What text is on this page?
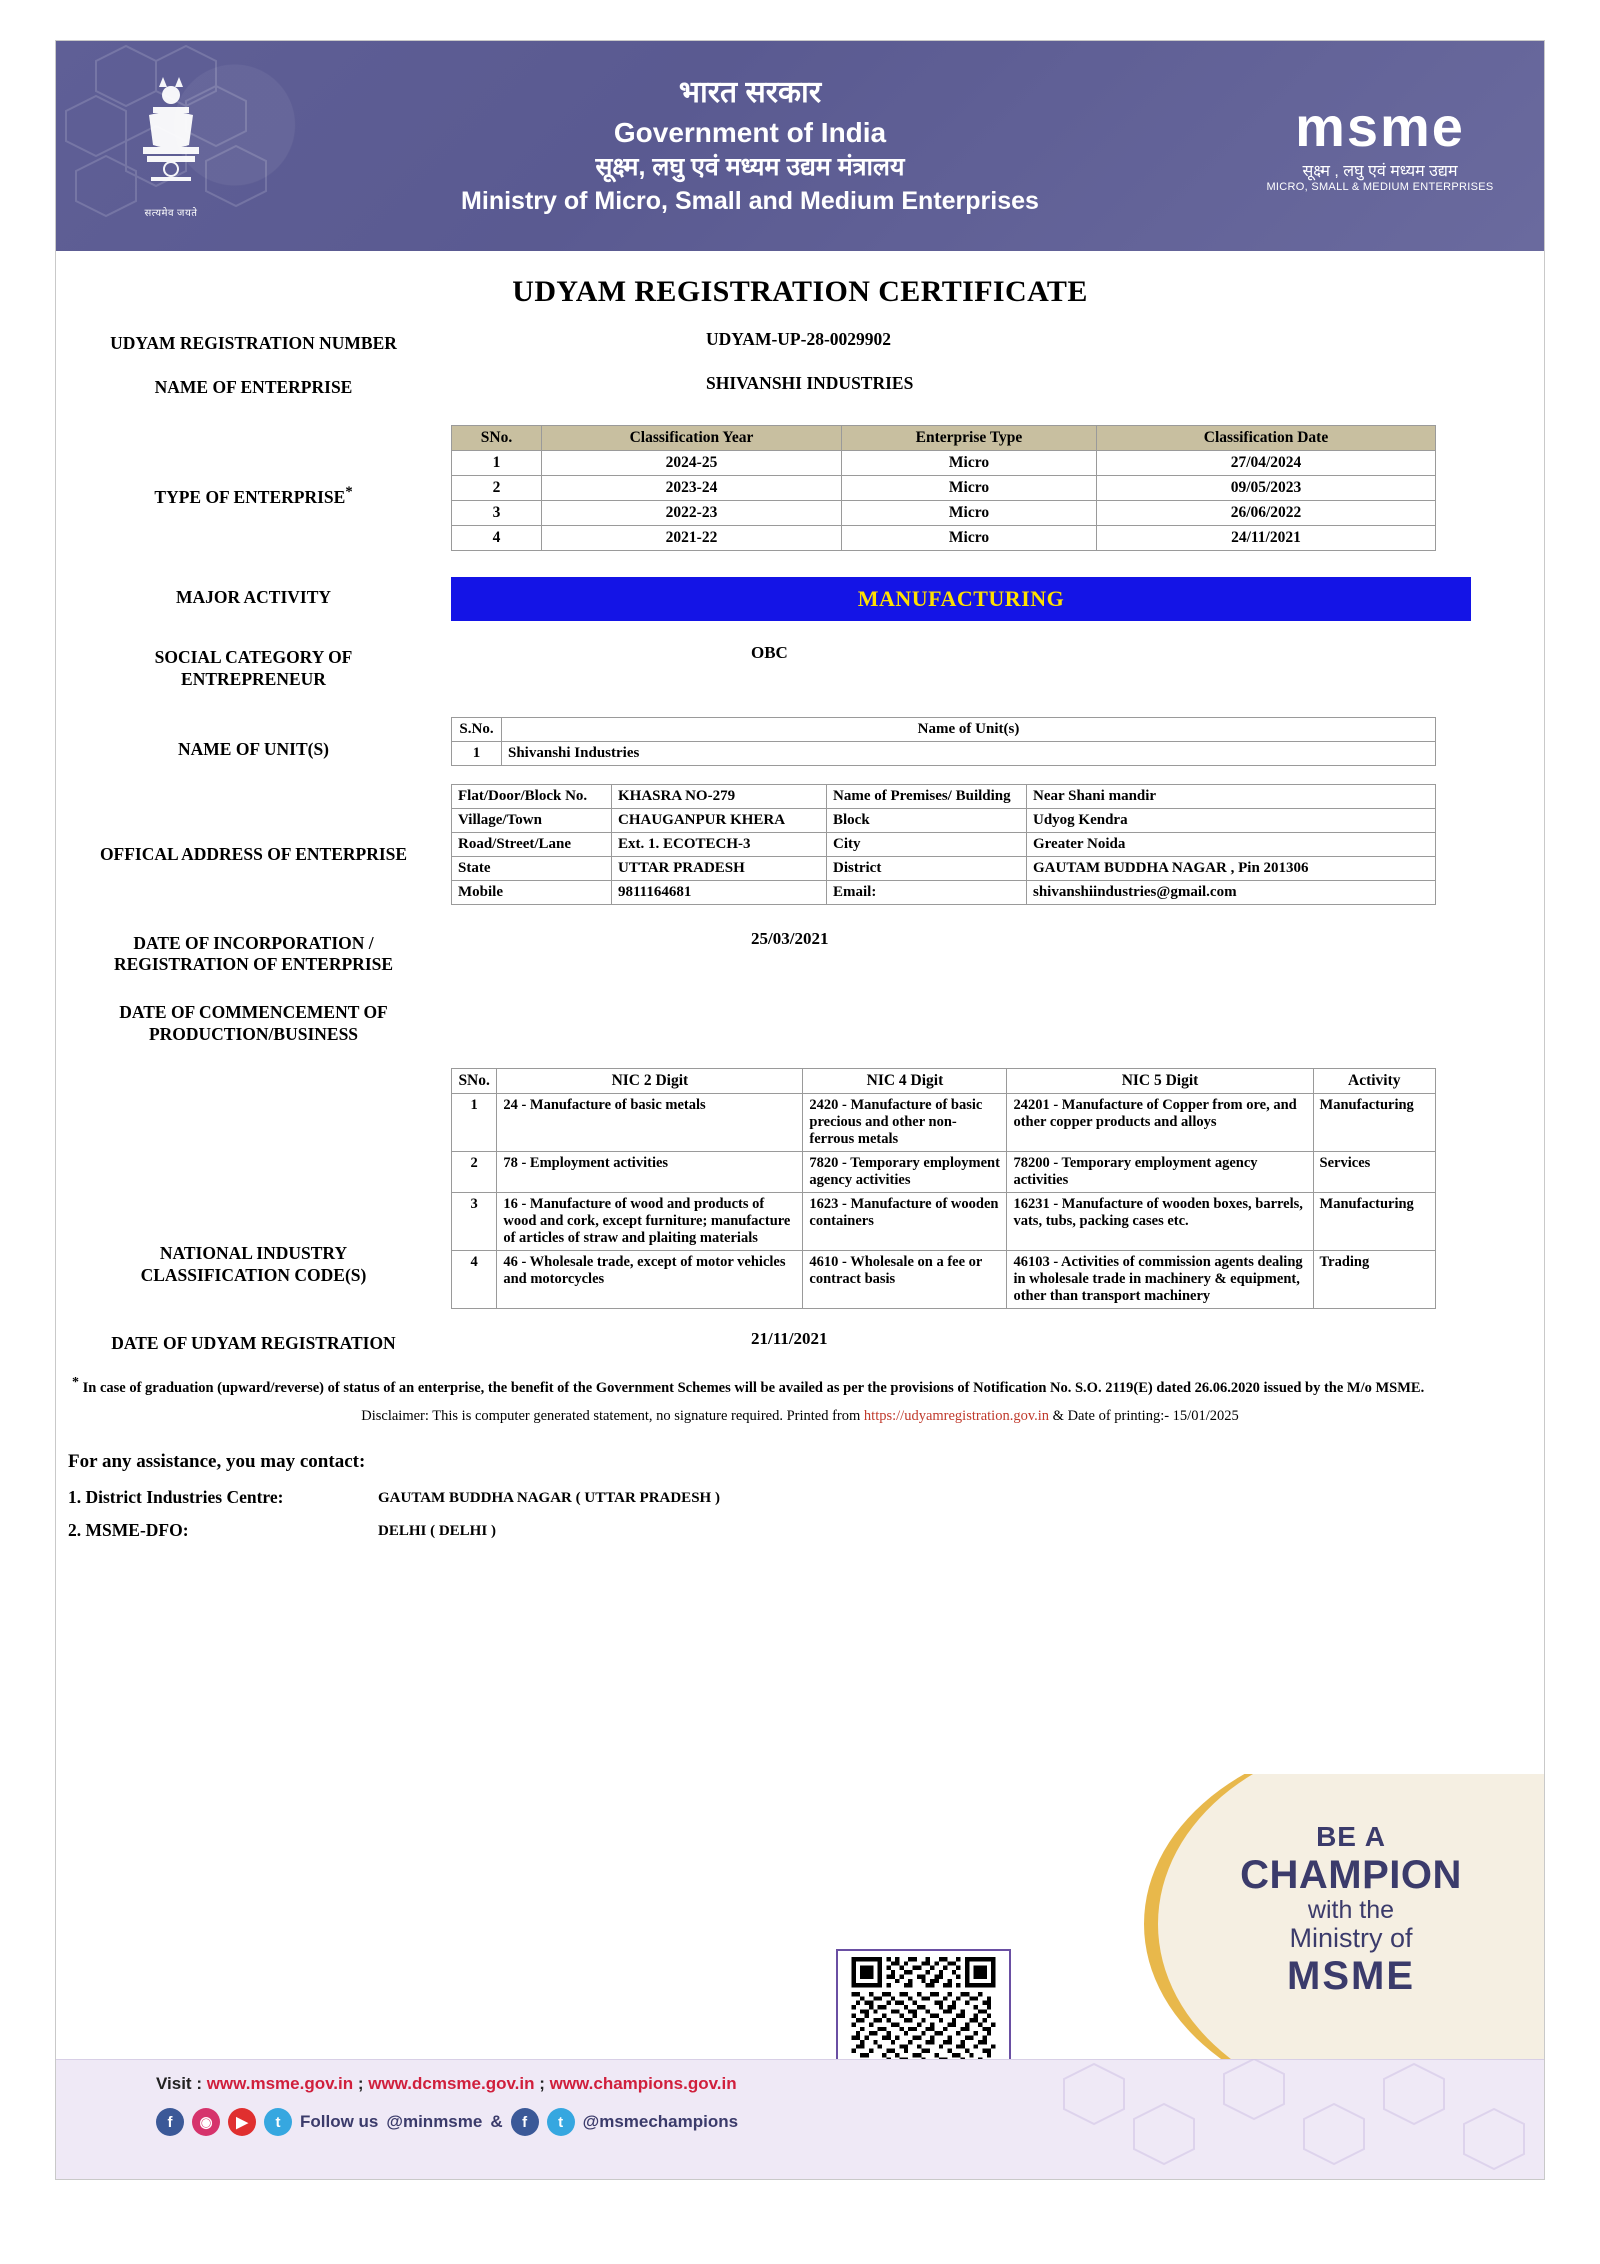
सत्यमेव जयते
भारत सरकार
Government of India
सूक्ष्म, लघु एवं मध्यम उद्यम मंत्रालय
Ministry of Micro, Small and Medium Enterprises
msme
सूक्ष्म , लघु एवं मध्यम उद्यम
MICRO, SMALL & MEDIUM ENTERPRISES
UDYAM REGISTRATION CERTIFICATE
UDYAM REGISTRATION NUMBER	UDYAM-UP-28-0029902
NAME OF ENTERPRISE	SHIVANSHI INDUSTRIES
TYPE OF ENTERPRISE*
SNo.	Classification Year	Enterprise Type	Classification Date
1	2024-25	Micro	27/04/2024
2	2023-24	Micro	09/05/2023
3	2022-23	Micro	26/06/2022
4	2021-22	Micro	24/11/2021
MAJOR ACTIVITY	MANUFACTURING
SOCIAL CATEGORY OF
ENTREPRENEUR
OBC
NAME OF UNIT(S)
S.No.	Name of Unit(s)
1	Shivanshi Industries
OFFICAL ADDRESS OF ENTERPRISE
Flat/Door/Block No.	KHASRA NO-279	Name of Premises/ Building	Near Shani mandir
Village/Town	CHAUGANPUR KHERA	Block	Udyog Kendra
Road/Street/Lane	Ext. 1. ECOTECH-3	City	Greater Noida
State	UTTAR PRADESH	District	GAUTAM BUDDHA NAGAR , Pin 201306
Mobile	9811164681	Email:	shivanshiindustries@gmail.com
DATE OF INCORPORATION /
REGISTRATION OF ENTERPRISE
25/03/2021
DATE OF COMMENCEMENT OF
PRODUCTION/BUSINESS
NATIONAL INDUSTRY
CLASSIFICATION CODE(S)
SNo.	NIC 2 Digit	NIC 4 Digit	NIC 5 Digit	Activity
1	24 - Manufacture of basic metals	2420 - Manufacture of basic precious and other non-ferrous metals	24201 - Manufacture of Copper from ore, and other copper products and alloys	Manufacturing
2	78 - Employment activities	7820 - Temporary employment agency activities	78200 - Temporary employment agency activities	Services
3	16 - Manufacture of wood and products of wood and cork, except furniture; manufacture of articles of straw and plaiting materials	1623 - Manufacture of wooden containers	16231 - Manufacture of wooden boxes, barrels, vats, tubs, packing cases etc.	Manufacturing
4	46 - Wholesale trade, except of motor vehicles and motorcycles	4610 - Wholesale on a fee or contract basis	46103 - Activities of commission agents dealing in wholesale trade in machinery & equipment, other than transport machinery	Trading
DATE OF UDYAM REGISTRATION	21/11/2021
* In case of graduation (upward/reverse) of status of an enterprise, the benefit of the Government Schemes will be availed as per the provisions of Notification No. S.O. 2119(E) dated 26.06.2020 issued by the M/o MSME.
Disclaimer: This is computer generated statement, no signature required. Printed from https://udyamregistration.gov.in & Date of printing:- 15/01/2025
For any assistance, you may contact:
1. District Industries Centre:	GAUTAM BUDDHA NAGAR ( UTTAR PRADESH )
2. MSME-DFO:	DELHI ( DELHI )
BE A
CHAMPION
with the
Ministry of
MSME
Visit : www.msme.gov.in ; www.dcmsme.gov.in ; www.champions.gov.in
f	◉	▶	t	Follow us @minmsme &	f	t	@msmechampions
